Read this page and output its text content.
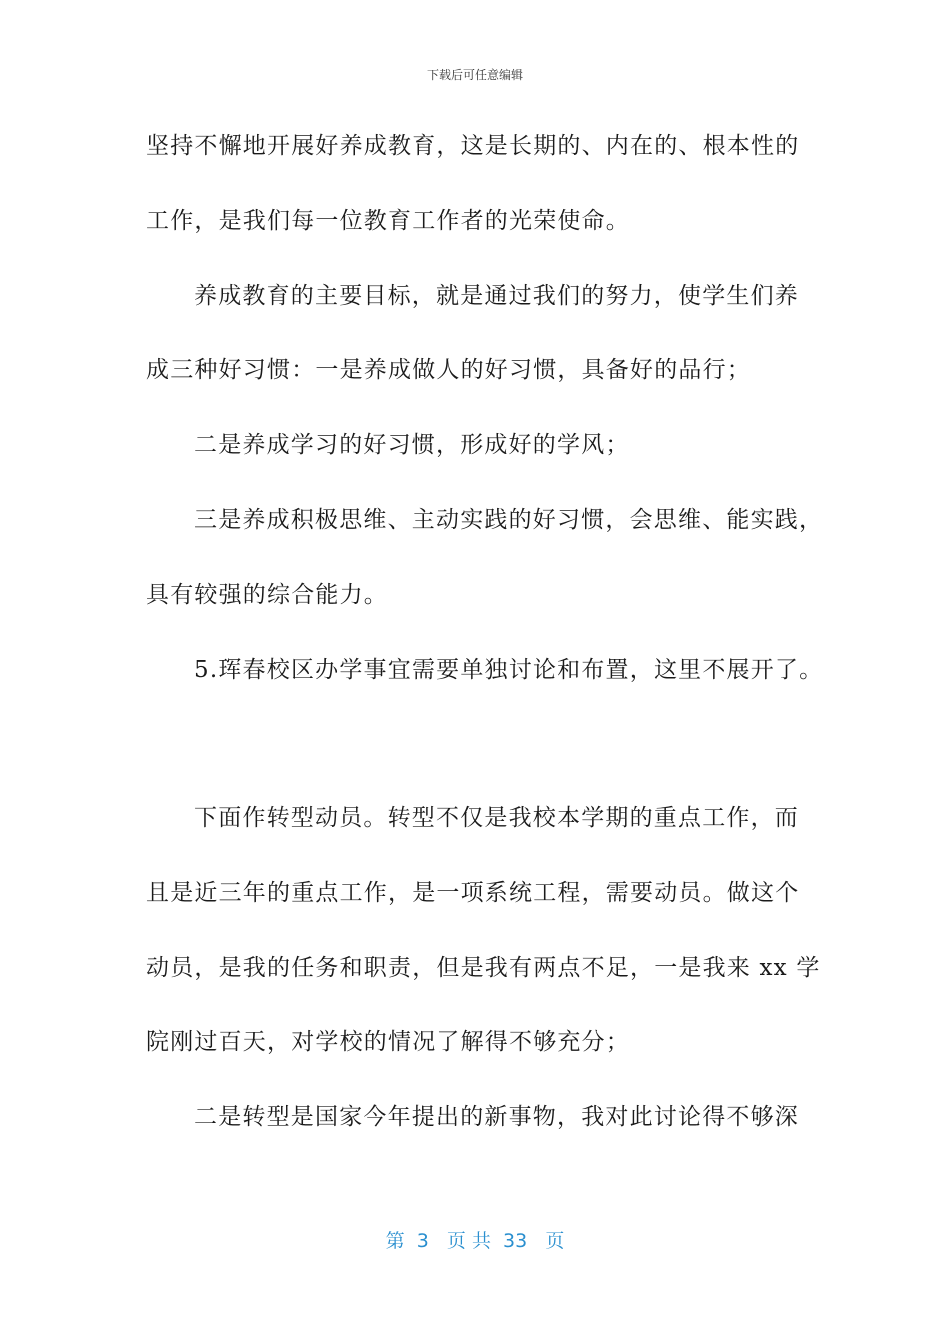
下载后可任意编辑
坚持不懈地开展好养成教育，这是长期的、内在的、根本性的
工作，是我们每一位教育工作者的光荣使命。
养成教育的主要目标，就是通过我们的努力，使学生们养
成三种好习惯：一是养成做人的好习惯，具备好的品行；
二是养成学习的好习惯，形成好的学风；
三是养成积极思维、主动实践的好习惯，会思维、能实践，
具有较强的综合能力。
5.珲春校区办学事宜需要单独讨论和布置，这里不展开了。
下面作转型动员。转型不仅是我校本学期的重点工作，而
且是近三年的重点工作，是一项系统工程，需要动员。做这个
动员，是我的任务和职责，但是我有两点不足，一是我来 xx 学
院刚过百天，对学校的情况了解得不够充分；
二是转型是国家今年提出的新事物，我对此讨论得不够深
第  3   页 共  33   页
